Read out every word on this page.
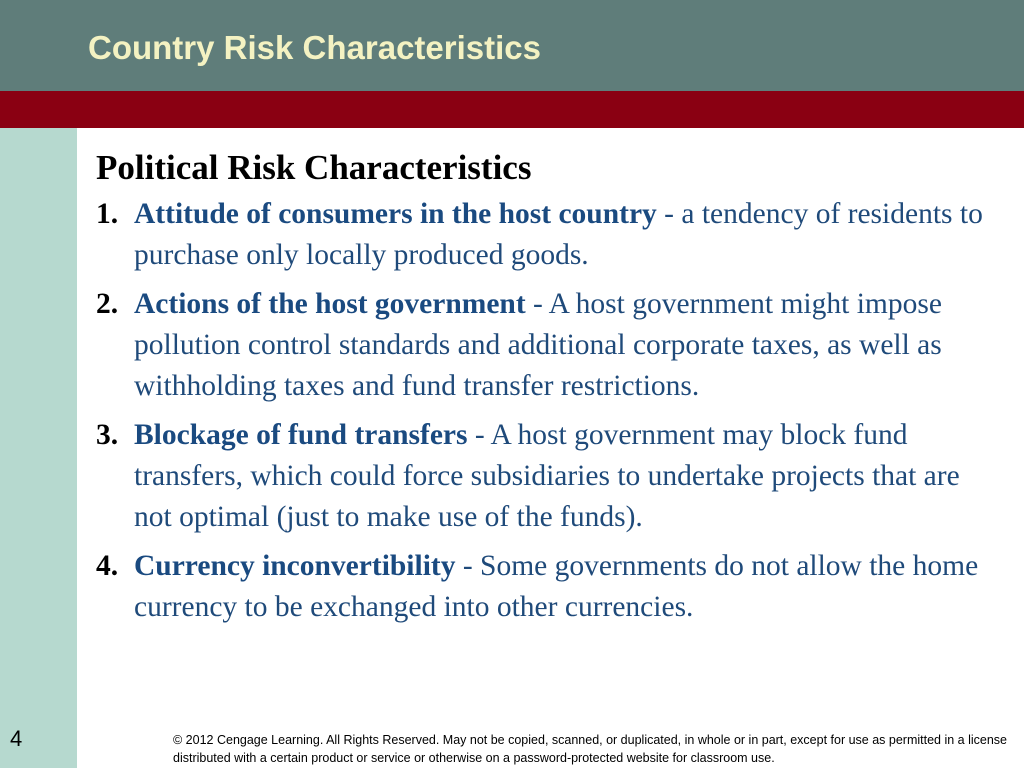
Country Risk Characteristics
Political Risk Characteristics
1. Attitude of consumers in the host country - a tendency of residents to purchase only locally produced goods.
2. Actions of the host government - A host government might impose pollution control standards and additional corporate taxes, as well as withholding taxes and fund transfer restrictions.
3. Blockage of fund transfers - A host government may block fund transfers, which could force subsidiaries to undertake projects that are not optimal (just to make use of the funds).
4. Currency inconvertibility - Some governments do not allow the home currency to be exchanged into other currencies.
4	© 2012 Cengage Learning. All Rights Reserved. May not be copied, scanned, or duplicated, in whole or in part, except for use as permitted in a license distributed with a certain product or service or otherwise on a password-protected website for classroom use.
